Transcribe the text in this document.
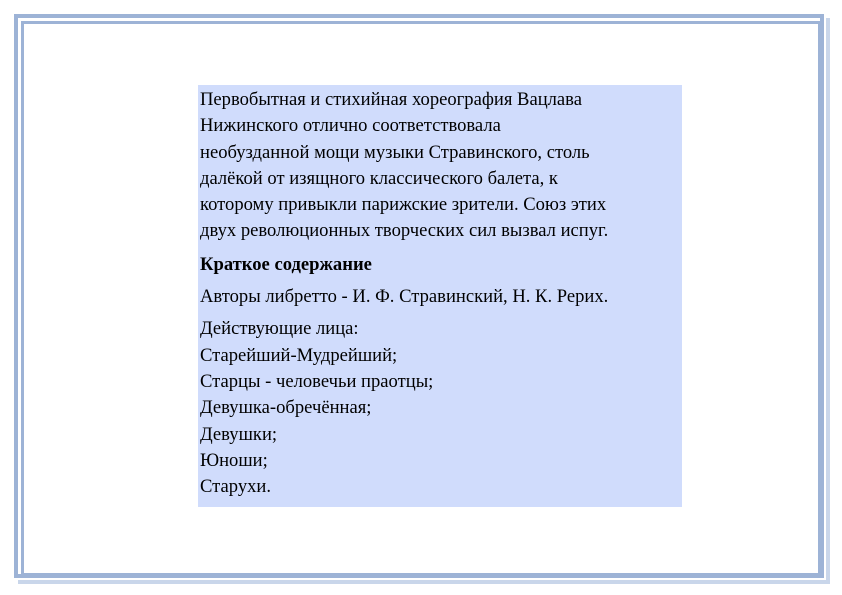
Первобытная и стихийная хореография Вацлава
Нижинского отлично соответствовала
необузданной мощи музыки Стравинского, столь
далёкой от изящного классического балета, к
которому привыкли парижские зрители. Союз этих
двух революционных творческих сил вызвал испуг.

Краткое содержание

Авторы либретто - И. Ф. Стравинский, Н. К. Рерих.

Действующие лица:
Старейший-Мудрейший;
Старцы - человечьи праотцы;
Девушка-обречённая;
Девушки;
Юноши;
Старухи.
